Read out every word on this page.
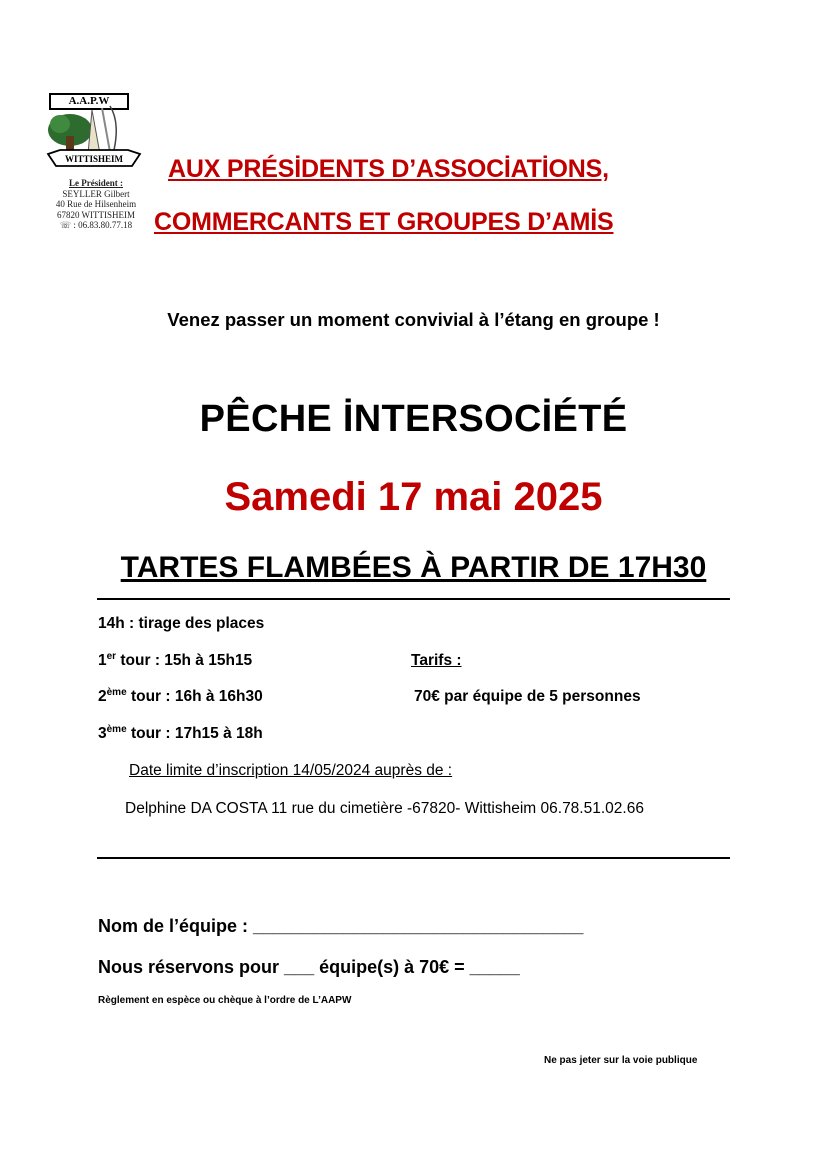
A.A.P.W
WITTISHEIM
Le Président :
SEYLLER Gilbert
40 Rue de Hilsenheim
67820 WITTISHEIM
☏ : 06.83.80.77.18
AUX PRÉSİDENTS D’ASSOCİATİONS,
COMMERCANTS ET GROUPES D’AMİS
Venez passer un moment convivial à l’étang en groupe !
PÊCHE İNTERSOCİÉTÉ
Samedi 17 mai 2025
TARTES FLAMBÉES À PARTIR DE 17H30
14h : tirage des places
1er tour : 15h à 15h15	Tarifs :
2ème tour : 16h à 16h30	70€ par équipe de 5 personnes
3ème tour : 17h15 à 18h
Date limite d’inscription 14/05/2024 auprès de :
Delphine DA COSTA 11 rue du cimetière -67820- Wittisheim 06.78.51.02.66
Nom de l’équipe : _________________________________
Nous réservons pour ___ équipe(s) à 70€ = _____
Règlement en espèce ou chèque à l’ordre de L’AAPW
Ne pas jeter sur la voie publique
